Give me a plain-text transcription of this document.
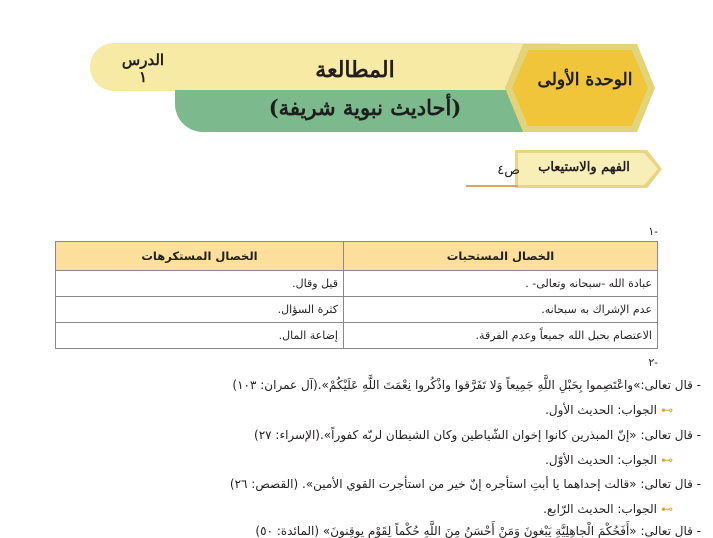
الدرس
١	المطالعة
(أحاديث نبوية شريفة)
الوحدة الأولى
الفهم والاستيعاب
ص٤
-١
الخصال المستحبات	الخصال المستكرهات
عبادة الله -سبحانه وتعالى- .	قيل وقال.
عدم الإشراك به سبحانه.	كثرة السؤال.
الاعتصام بحبل الله جميعاً وعدم الفرقة.	إضاعة المال.
-٢
- قال تعالى:»واعْتَصِموا بِحَبْلِ اللَّهِ جَمِيعاً وَلا تَفَرَّقوا واذْكُروا نِعْمَتَ اللَّهِ عَلَيْكُمْ».(آل عمران: ١٠٣)
⊶الجواب: الحديث الأول.
- قال تعالى: «إنّ المبذرين كانوا إخوان الشّياطين وكان الشيطان لربّه كفوراً».(الإسراء: ٢٧)
⊶الجواب: الحديث الأوّل.
- قال تعالى: «قالت إحداهما يا أبتِ استأجره إنّ خير من استأجرت القوي الأمين». (القصص: ٢٦)
⊶الجواب: الحديث الرّابع.
- قال تعالى: «أَفَحُكْمَ الْجاهِلِيَّةِ يَبْغونَ وَمَنْ أَحْسَنُ مِنَ اللَّهِ حُكْماً لِقَوْمٍ يوقِنونَ» (المائدة: ٥٠)
